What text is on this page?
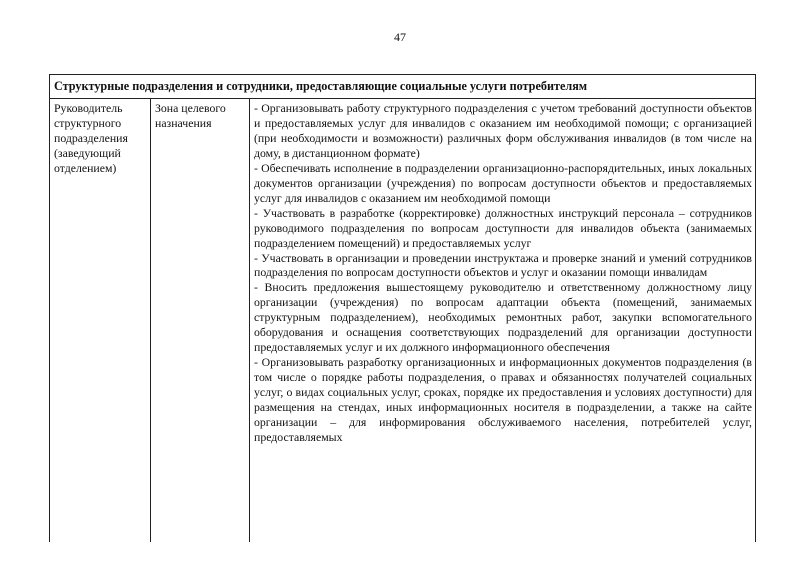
47
Структурные подразделения и сотрудники, предоставляющие социальные услуги потребителям
Руководитель структурного подразделения (заведующий отделением)
Зона целевого назначения

- Организовывать работу структурного подразделения с учетом требований доступности объектов и предоставляемых услуг для инвалидов с оказанием им необходимой помощи; с организацией (при необходимости и возможности) различных форм обслуживания инвалидов (в том числе на дому, в дистанционном формате)

- Обеспечивать исполнение в подразделении организационно-распорядительных, иных локальных документов организации (учреждения) по вопросам доступности объектов и предоставляемых услуг для инвалидов с оказанием им необходимой помощи

- Участвовать в разработке (корректировке) должностных инструкций персонала – сотрудников руководимого подразделения по вопросам доступности для инвалидов объекта (занимаемых подразделением помещений) и предоставляемых услуг

- Участвовать в организации и проведении инструктажа и проверке знаний и умений сотрудников подразделения по вопросам доступности объектов и услуг и оказании помощи инвалидам

- Вносить предложения вышестоящему руководителю и ответственному должностному лицу организации (учреждения) по вопросам адаптации объекта (помещений, занимаемых структурным подразделением), необходимых ремонтных работ, закупки вспомогательного оборудования и оснащения соответствующих подразделений для организации доступности предоставляемых услуг и их должного информационного обеспечения

- Организовывать разработку организационных и информационных документов подразделения (в том числе о порядке работы подразделения, о правах и обязанностях получателей социальных услуг, о видах социальных услуг, сроках, порядке их предоставления и условиях доступности) для размещения на стендах, иных информационных носителя в подразделении, а также на сайте организации – для информирования обслуживаемого населения, потребителей услуг, предоставляемых
